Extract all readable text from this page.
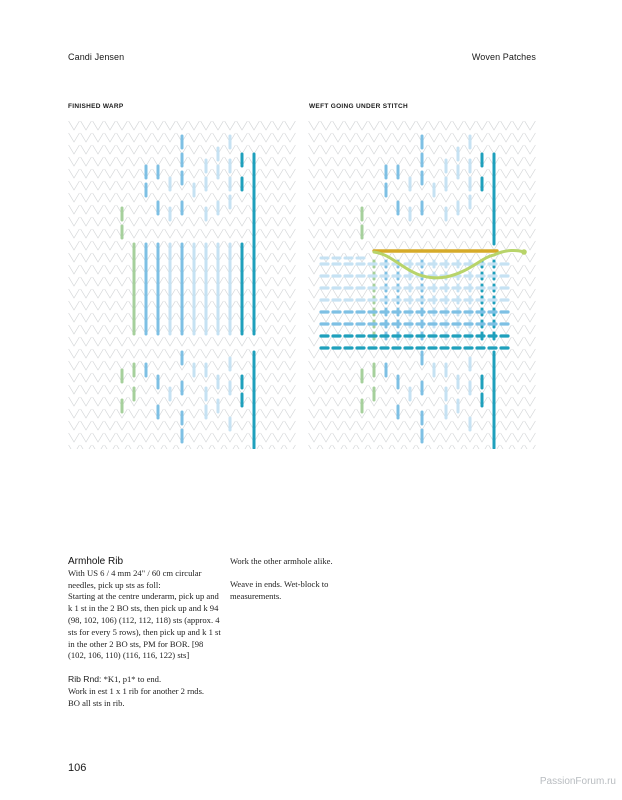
Candi Jensen	Woven Patches
FINISHED WARP	WEFT GOING UNDER STITCH

Armhole Rib

With US 6 / 4 mm 24" / 60 cm circular needles, pick up sts as foll:

Starting at the centre underarm, pick up and k 1 st in the 2 BO sts, then pick up and k 94 (98, 102, 106) (112, 112, 118) sts (approx. 4 sts for every 5 rows), then pick up and k 1 st in the other 2 BO sts, PM for BOR. [98 (102, 106, 110) (116, 116, 122) sts]

Rib Rnd: *K1, p1* to end.

Work in est 1 x 1 rib for another 2 rnds.

BO all sts in rib.

Work the other armhole alike.

Weave in ends. Wet-block to measurements.

106
PassionForum.ru
